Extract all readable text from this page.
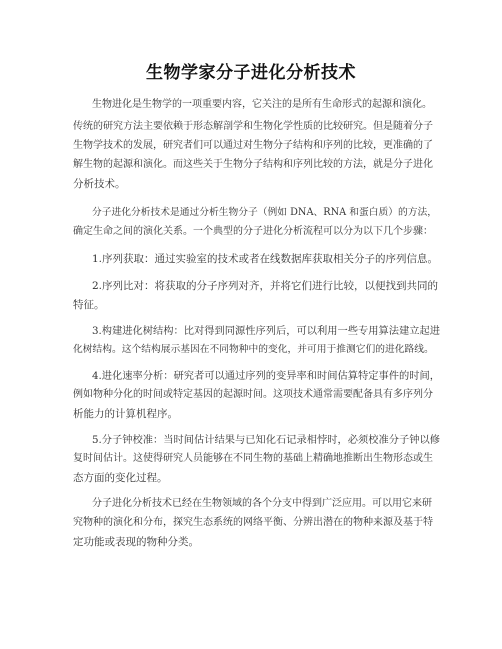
生物学家分子进化分析技术
生物进化是生物学的一项重要内容，它关注的是所有生命形式的起源和演化。
传统的研究方法主要依赖于形态解剖学和生物化学性质的比较研究。但是随着分子
生物学技术的发展，研究者们可以通过对生物分子结构和序列的比较，更准确的了
解生物的起源和演化。而这些关于生物分子结构和序列比较的方法，就是分子进化
分析技术。
分子进化分析技术是通过分析生物分子（例如 DNA、RNA 和蛋白质）的方法，
确定生命之间的演化关系。一个典型的分子进化分析流程可以分为以下几个步骤：
1.序列获取：通过实验室的技术或者在线数据库获取相关分子的序列信息。
2.序列比对：将获取的分子序列对齐，并将它们进行比较，以便找到共同的
特征。
3.构建进化树结构：比对得到同源性序列后，可以利用一些专用算法建立起进
化树结构。这个结构展示基因在不同物种中的变化，并可用于推测它们的进化路线。
4.进化速率分析：研究者可以通过序列的变异率和时间估算特定事件的时间，
例如物种分化的时间或特定基因的起源时间。这项技术通常需要配备具有多序列分
析能力的计算机程序。
5.分子钟校准：当时间估计结果与已知化石记录相悖时，必须校准分子钟以修
复时间估计。这使得研究人员能够在不同生物的基础上精确地推断出生物形态或生
态方面的变化过程。
分子进化分析技术已经在生物领域的各个分支中得到广泛应用。可以用它来研
究物种的演化和分布，探究生态系统的网络平衡、分辨出潜在的物种来源及基于特
定功能或表现的物种分类。
